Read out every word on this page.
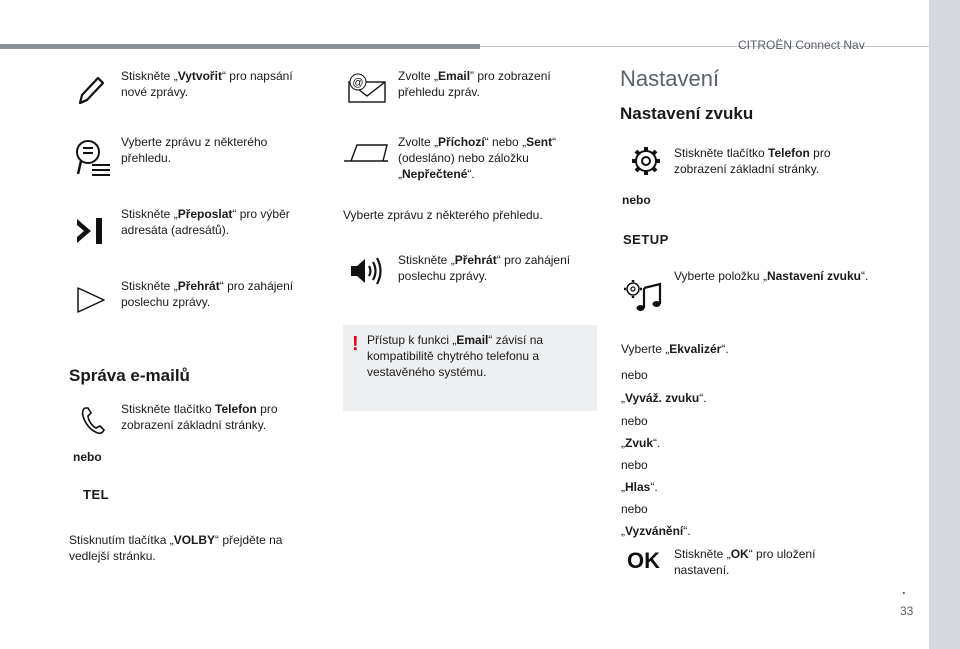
CITROËN Connect Nav
.
33
Stiskněte „Vytvořit“ pro napsání nové zprávy.
Vyberte zprávu z některého přehledu.
Stiskněte „Přeposlat“ pro výběr adresáta (adresátů).
Stiskněte „Přehrát“ pro zahájení poslechu zprávy.
Správa e-mailů
Stiskněte tlačítko Telefon pro zobrazení základní stránky.
nebo
TEL
Stisknutím tlačítka „VOLBY“ přejděte na vedlejší stránku.
@	Zvolte „Email” pro zobrazení přehledu zpráv.
Zvolte „Příchozí“ nebo „Sent“ (odesláno) nebo záložku „Nepřečtené“.
Vyberte zprávu z některého přehledu.
Stiskněte „Přehrát“ pro zahájení poslechu zprávy.
! Přístup k funkci „Email“ závisí na kompatibilitě chytrého telefonu a vestavěného systému.
Nastavení
Nastavení zvuku
Stiskněte tlačítko Telefon pro zobrazení základní stránky.
nebo
SETUP
Vyberte položku „Nastavení zvuku“.
Vyberte „Ekvalizér“.
nebo
„Vyváž. zvuku“.
nebo
„Zvuk“.
nebo
„Hlas“.
nebo
„Vyzvánění“.
OK Stiskněte „OK“ pro uložení nastavení.
